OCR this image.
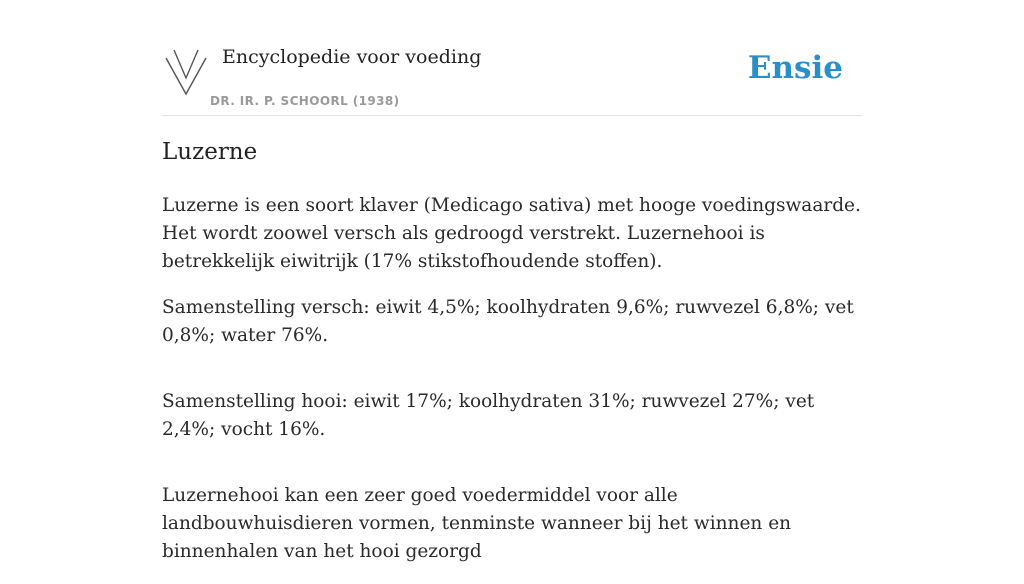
Encyclopedie voor voeding
DR. IR. P. SCHOORL (1938)
Ensie
Luzerne

Luzerne is een soort klaver (Medicago sativa) met hooge voedingswaarde. Het wordt zoowel versch als gedroogd verstrekt. Luzernehooi is betrekkelijk eiwitrijk (17% stikstofhoudende stoffen).

Samenstelling versch: eiwit 4,5%; koolhydraten 9,6%; ruwvezel 6,8%; vet 0,8%; water 76%.

Samenstelling hooi: eiwit 17%; koolhydraten 31%; ruwvezel 27%; vet 2,4%; vocht 16%.

Luzernehooi kan een zeer goed voedermiddel voor alle landbouwhuisdieren vormen, tenminste wanneer bij het winnen en binnenhalen van het hooi gezorgd
